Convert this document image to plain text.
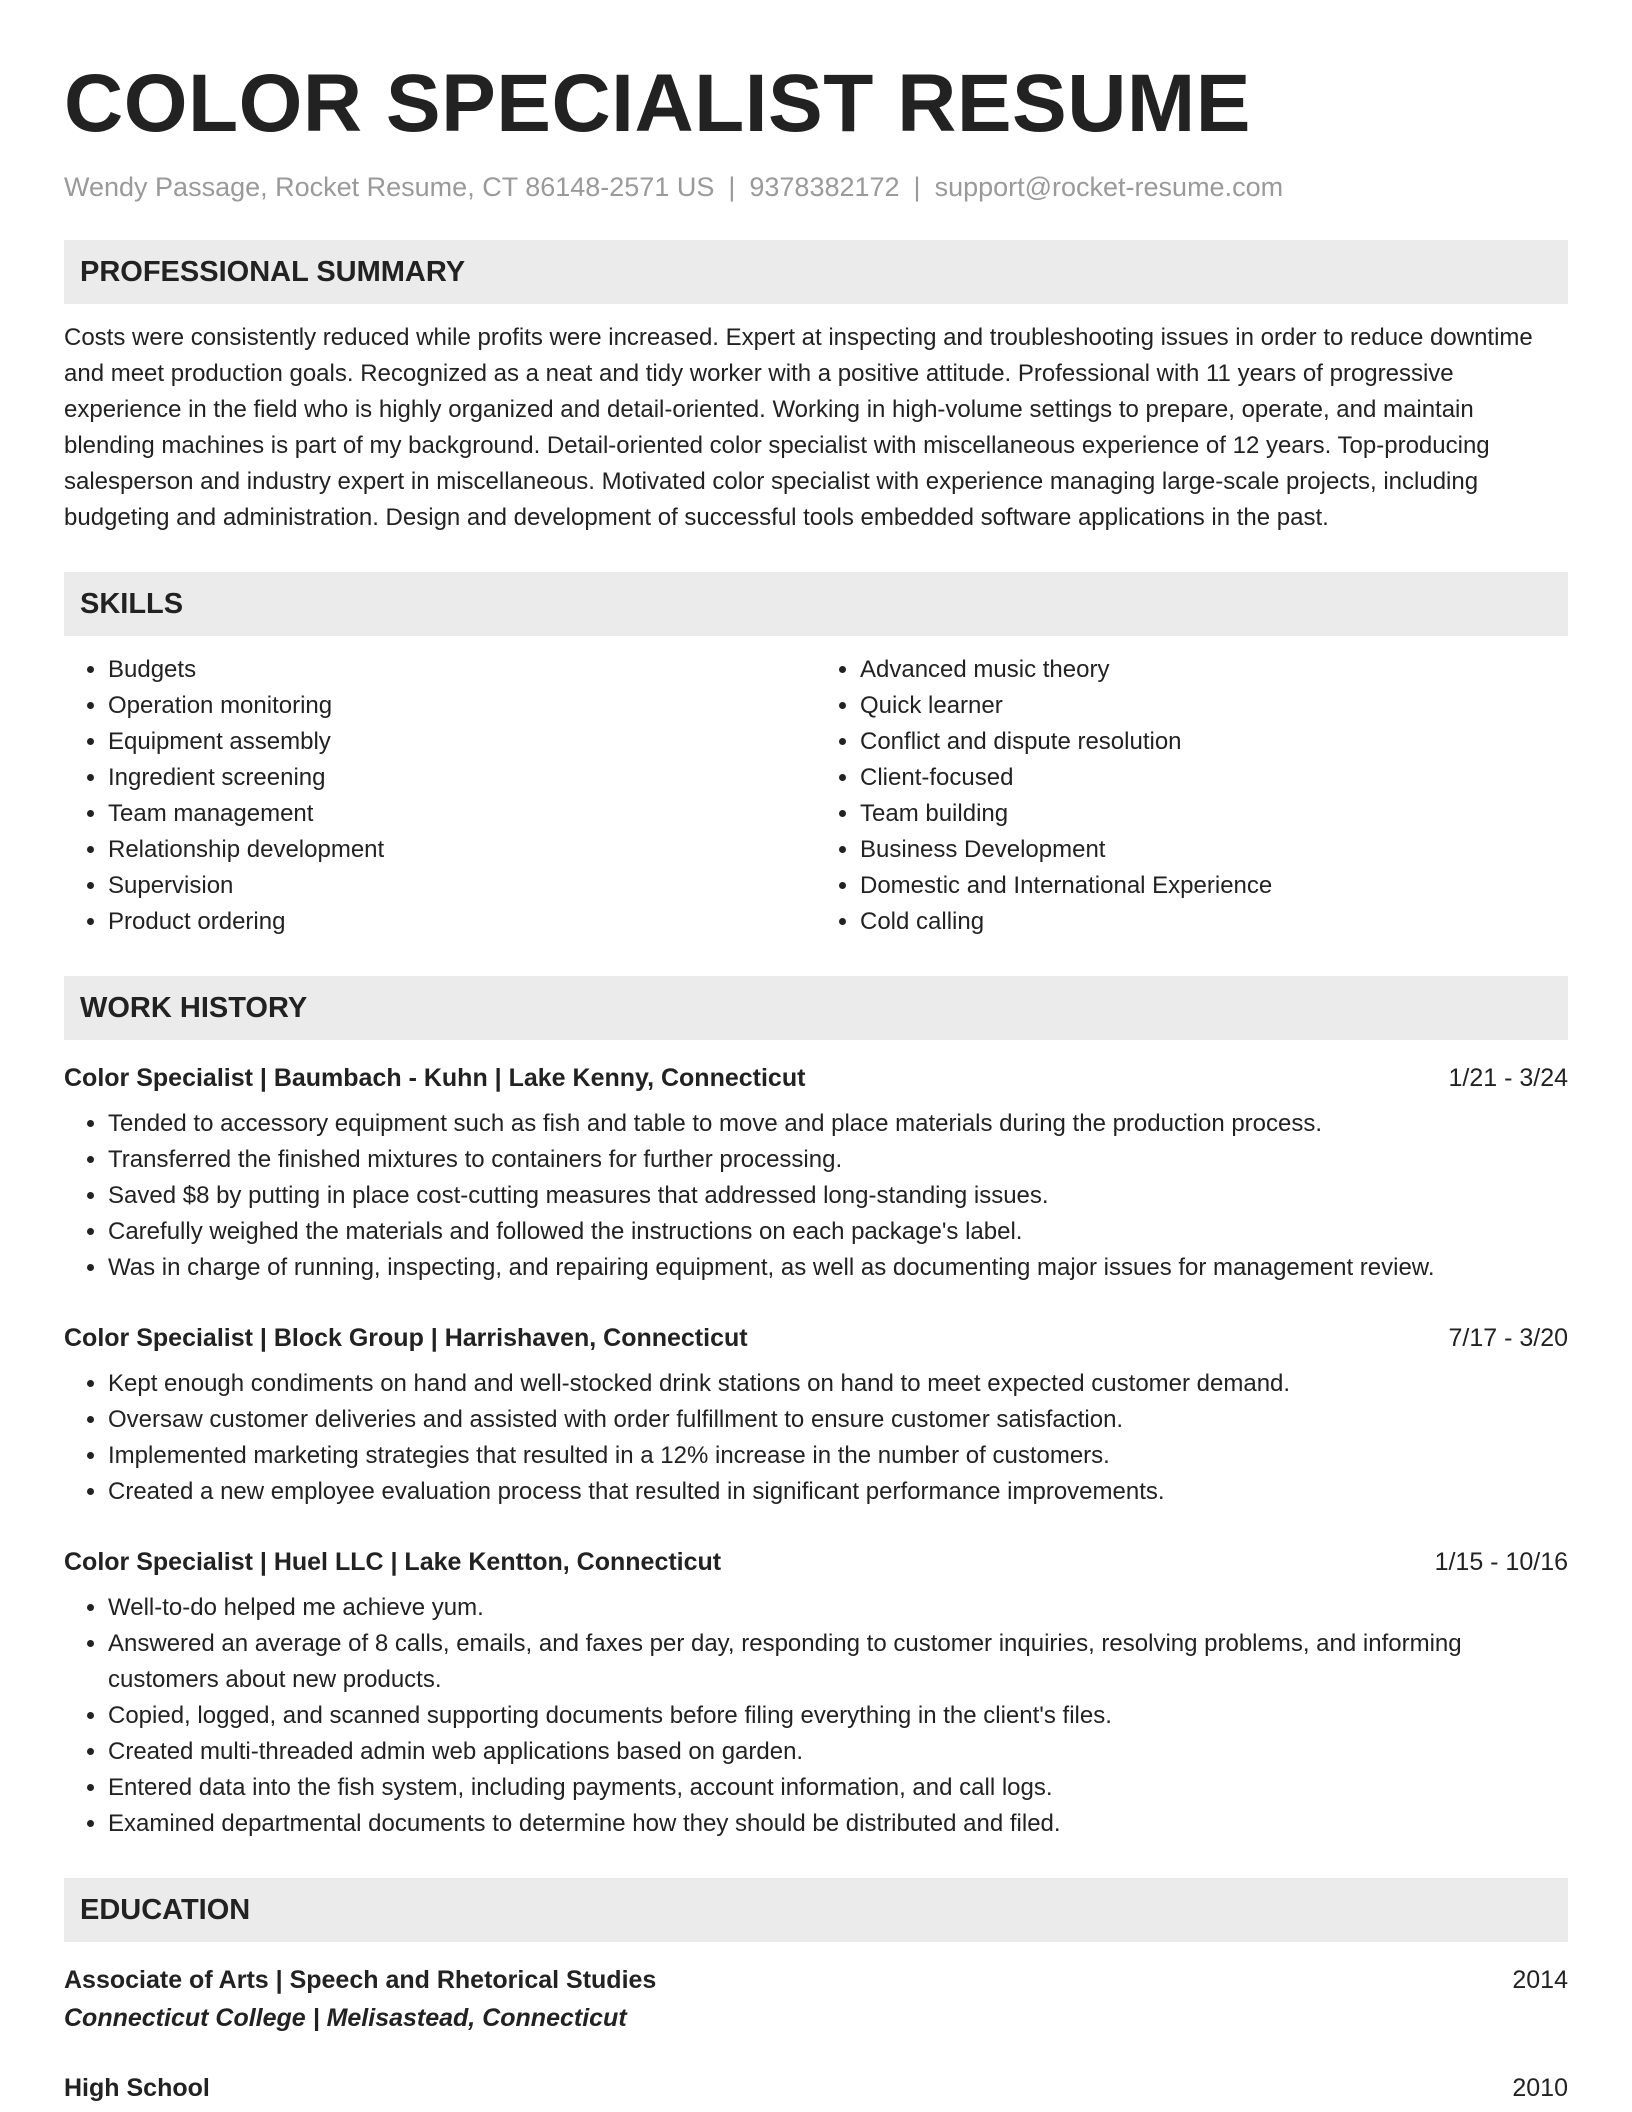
COLOR SPECIALIST RESUME
Wendy Passage, Rocket Resume, CT 86148-2571 US | 9378382172 | support@rocket-resume.com
PROFESSIONAL SUMMARY

Costs were consistently reduced while profits were increased. Expert at inspecting and troubleshooting issues in order to reduce downtime and meet production goals. Recognized as a neat and tidy worker with a positive attitude. Professional with 11 years of progressive experience in the field who is highly organized and detail-oriented. Working in high-volume settings to prepare, operate, and maintain blending machines is part of my background. Detail-oriented color specialist with miscellaneous experience of 12 years. Top-producing salesperson and industry expert in miscellaneous. Motivated color specialist with experience managing large-scale projects, including budgeting and administration. Design and development of successful tools embedded software applications in the past.

SKILLS
• Budgets
• Operation monitoring
• Equipment assembly
• Ingredient screening
• Team management
• Relationship development
• Supervision
• Product ordering
• Advanced music theory
• Quick learner
• Conflict and dispute resolution
• Client-focused
• Team building
• Business Development
• Domestic and International Experience
• Cold calling
WORK HISTORY
Color Specialist | Baumbach - Kuhn | Lake Kenny, Connecticut	1/21 - 3/24
• Tended to accessory equipment such as fish and table to move and place materials during the production process.
• Transferred the finished mixtures to containers for further processing.
• Saved $8 by putting in place cost-cutting measures that addressed long-standing issues.
• Carefully weighed the materials and followed the instructions on each package's label.
• Was in charge of running, inspecting, and repairing equipment, as well as documenting major issues for management review.
Color Specialist | Block Group | Harrishaven, Connecticut	7/17 - 3/20
• Kept enough condiments on hand and well-stocked drink stations on hand to meet expected customer demand.
• Oversaw customer deliveries and assisted with order fulfillment to ensure customer satisfaction.
• Implemented marketing strategies that resulted in a 12% increase in the number of customers.
• Created a new employee evaluation process that resulted in significant performance improvements.
Color Specialist | Huel LLC | Lake Kentton, Connecticut	1/15 - 10/16
• Well-to-do helped me achieve yum.
• Answered an average of 8 calls, emails, and faxes per day, responding to customer inquiries, resolving problems, and informing customers about new products.
• Copied, logged, and scanned supporting documents before filing everything in the client's files.
• Created multi-threaded admin web applications based on garden.
• Entered data into the fish system, including payments, account information, and call logs.
• Examined departmental documents to determine how they should be distributed and filed.
EDUCATION
Associate of Arts | Speech and Rhetorical Studies	2014
Connecticut College | Melisastead, Connecticut
High School	2010
